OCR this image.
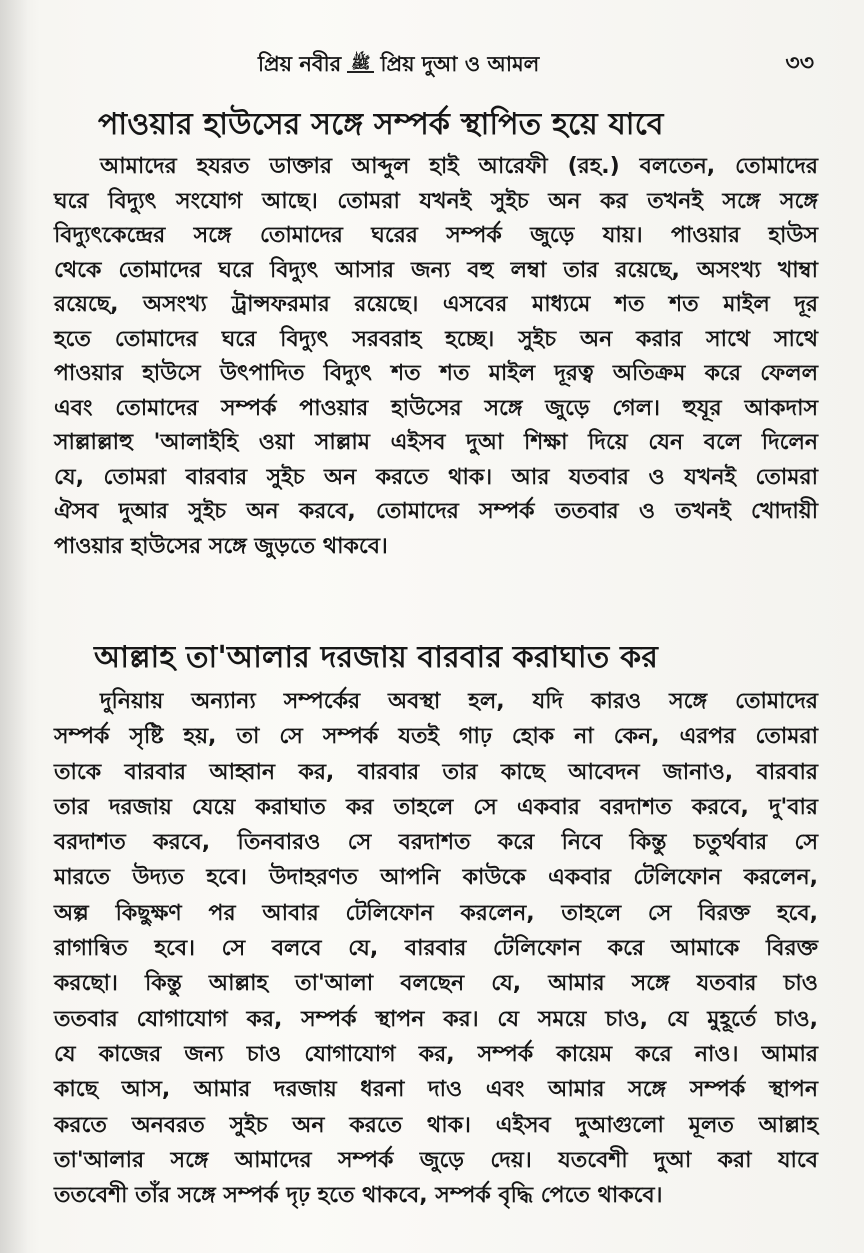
প্রিয় নবীর ﷺ প্রিয় দুআ ও আমল	৩৩
পাওয়ার হাউসের সঙ্গে সম্পর্ক স্থাপিত হয়ে যাবে
আমাদের হযরত ডাক্তার আব্দুল হাই আরেফী (রহ.) বলতেন, তোমাদের
ঘরে বিদ্যুৎ সংযোগ আছে। তোমরা যখনই সুইচ অন কর তখনই সঙ্গে সঙ্গে
বিদ্যুৎকেন্দ্রের সঙ্গে তোমাদের ঘরের সম্পর্ক জুড়ে যায়। পাওয়ার হাউস
থেকে তোমাদের ঘরে বিদ্যুৎ আসার জন্য বহু লম্বা তার রয়েছে, অসংখ্য খাম্বা
রয়েছে, অসংখ্য ট্রান্সফরমার রয়েছে। এসবের মাধ্যমে শত শত মাইল দূর
হতে তোমাদের ঘরে বিদ্যুৎ সরবরাহ হচ্ছে। সুইচ অন করার সাথে সাথে
পাওয়ার হাউসে উৎপাদিত বিদ্যুৎ শত শত মাইল দূরত্ব অতিক্রম করে ফেলল
এবং তোমাদের সম্পর্ক পাওয়ার হাউসের সঙ্গে জুড়ে গেল। হুযূর আকদাস
সাল্লাল্লাহু 'আলাইহি ওয়া সাল্লাম এইসব দুআ শিক্ষা দিয়ে যেন বলে দিলেন
যে, তোমরা বারবার সুইচ অন করতে থাক। আর যতবার ও যখনই তোমরা
ঐসব দুআর সুইচ অন করবে, তোমাদের সম্পর্ক ততবার ও তখনই খোদায়ী
পাওয়ার হাউসের সঙ্গে জুড়তে থাকবে।
আল্লাহ তা'আলার দরজায় বারবার করাঘাত কর
দুনিয়ায় অন্যান্য সম্পর্কের অবস্থা হল, যদি কারও সঙ্গে তোমাদের
সম্পর্ক সৃষ্টি হয়, তা সে সম্পর্ক যতই গাঢ় হোক না কেন, এরপর তোমরা
তাকে বারবার আহ্বান কর, বারবার তার কাছে আবেদন জানাও, বারবার
তার দরজায় যেয়ে করাঘাত কর তাহলে সে একবার বরদাশত করবে, দু'বার
বরদাশত করবে, তিনবারও সে বরদাশত করে নিবে কিন্তু চতুর্থবার সে
মারতে উদ্যত হবে। উদাহরণত আপনি কাউকে একবার টেলিফোন করলেন,
অল্প কিছুক্ষণ পর আবার টেলিফোন করলেন, তাহলে সে বিরক্ত হবে,
রাগান্বিত হবে। সে বলবে যে, বারবার টেলিফোন করে আমাকে বিরক্ত
করছো। কিন্তু আল্লাহ তা'আলা বলছেন যে, আমার সঙ্গে যতবার চাও
ততবার যোগাযোগ কর, সম্পর্ক স্থাপন কর। যে সময়ে চাও, যে মুহূর্তে চাও,
যে কাজের জন্য চাও যোগাযোগ কর, সম্পর্ক কায়েম করে নাও। আমার
কাছে আস, আমার দরজায় ধরনা দাও এবং আমার সঙ্গে সম্পর্ক স্থাপন
করতে অনবরত সুইচ অন করতে থাক। এইসব দুআগুলো মূলত আল্লাহ
তা'আলার সঙ্গে আমাদের সম্পর্ক জুড়ে দেয়। যতবেশী দুআ করা যাবে
ততবেশী তাঁর সঙ্গে সম্পর্ক দৃঢ় হতে থাকবে, সম্পর্ক বৃদ্ধি পেতে থাকবে।
